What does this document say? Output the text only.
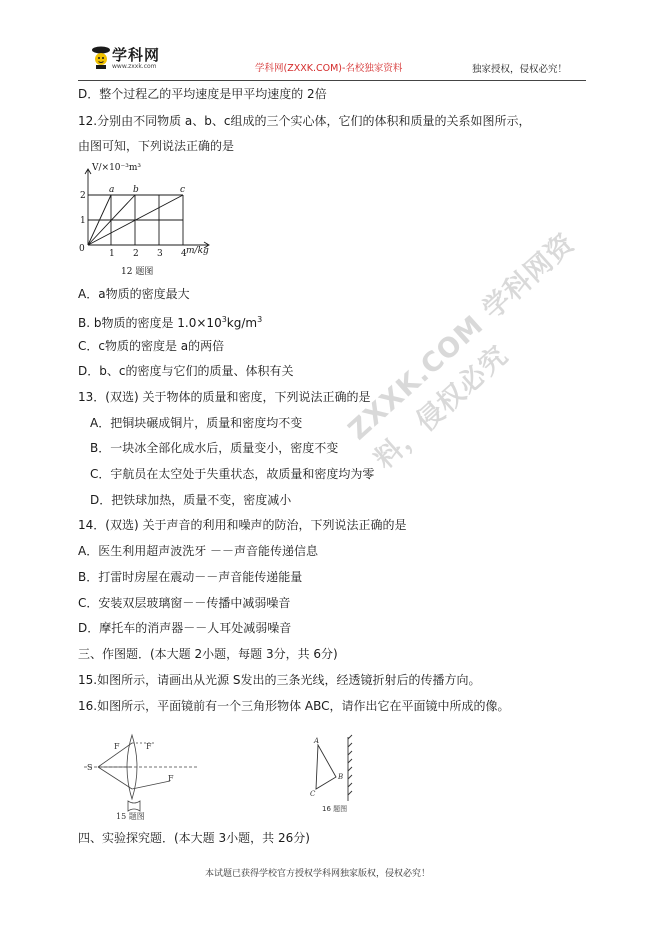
学科网
www.zxxk.com	学科网(ZXXK.COM)-名校独家资料	独家授权，侵权必究！
D．整个过程乙的平均速度是甲平均速度的 2倍
12.分别由不同物质 a、b、c组成的三个实心体，它们的体积和质量的关系如图所示，
由图可知，下列说法正确的是
V/×10⁻³m³
m/kg
0
1
2
1 2 3 4
a b	c
12 题图
A．a物质的密度最大
B. b物质的密度是 $1.0\times 10^3kg/m^3$
C．c物质的密度是 a的两倍
D．b、c的密度与它们的质量、体积有关
13．(双选) 关于物体的质量和密度，下列说法正确的是
A．把铜块碾成铜片，质量和密度均不变
B．一块冰全部化成水后，质量变小，密度不变
C．宇航员在太空处于失重状态，故质量和密度均为零
D．把铁球加热，质量不变，密度减小
14．(双选) 关于声音的利用和噪声的防治，下列说法正确的是
A．医生利用超声波洗牙 －－声音能传递信息
B．打雷时房屋在震动－－声音能传递能量
C．安装双层玻璃窗－－传播中减弱噪音
D．摩托车的消声器－－人耳处减弱噪音
三、作图题．(本大题 2小题，每题 3分，共 6分)
15.如图所示，请画出从光源 S发出的三条光线，经透镜折射后的传播方向。
16.如图所示，平面镜前有一个三角形物体 ABC，请作出它在平面镜中所成的像。
S
F	F
F
15 题图
A
B
C
16 题图
四、实验探究题．(本大题 3小题，共 26分)
ZXXK.COM 学科网资料，侵权必究
本试题已获得学校官方授权学科网独家版权，侵权必究！
